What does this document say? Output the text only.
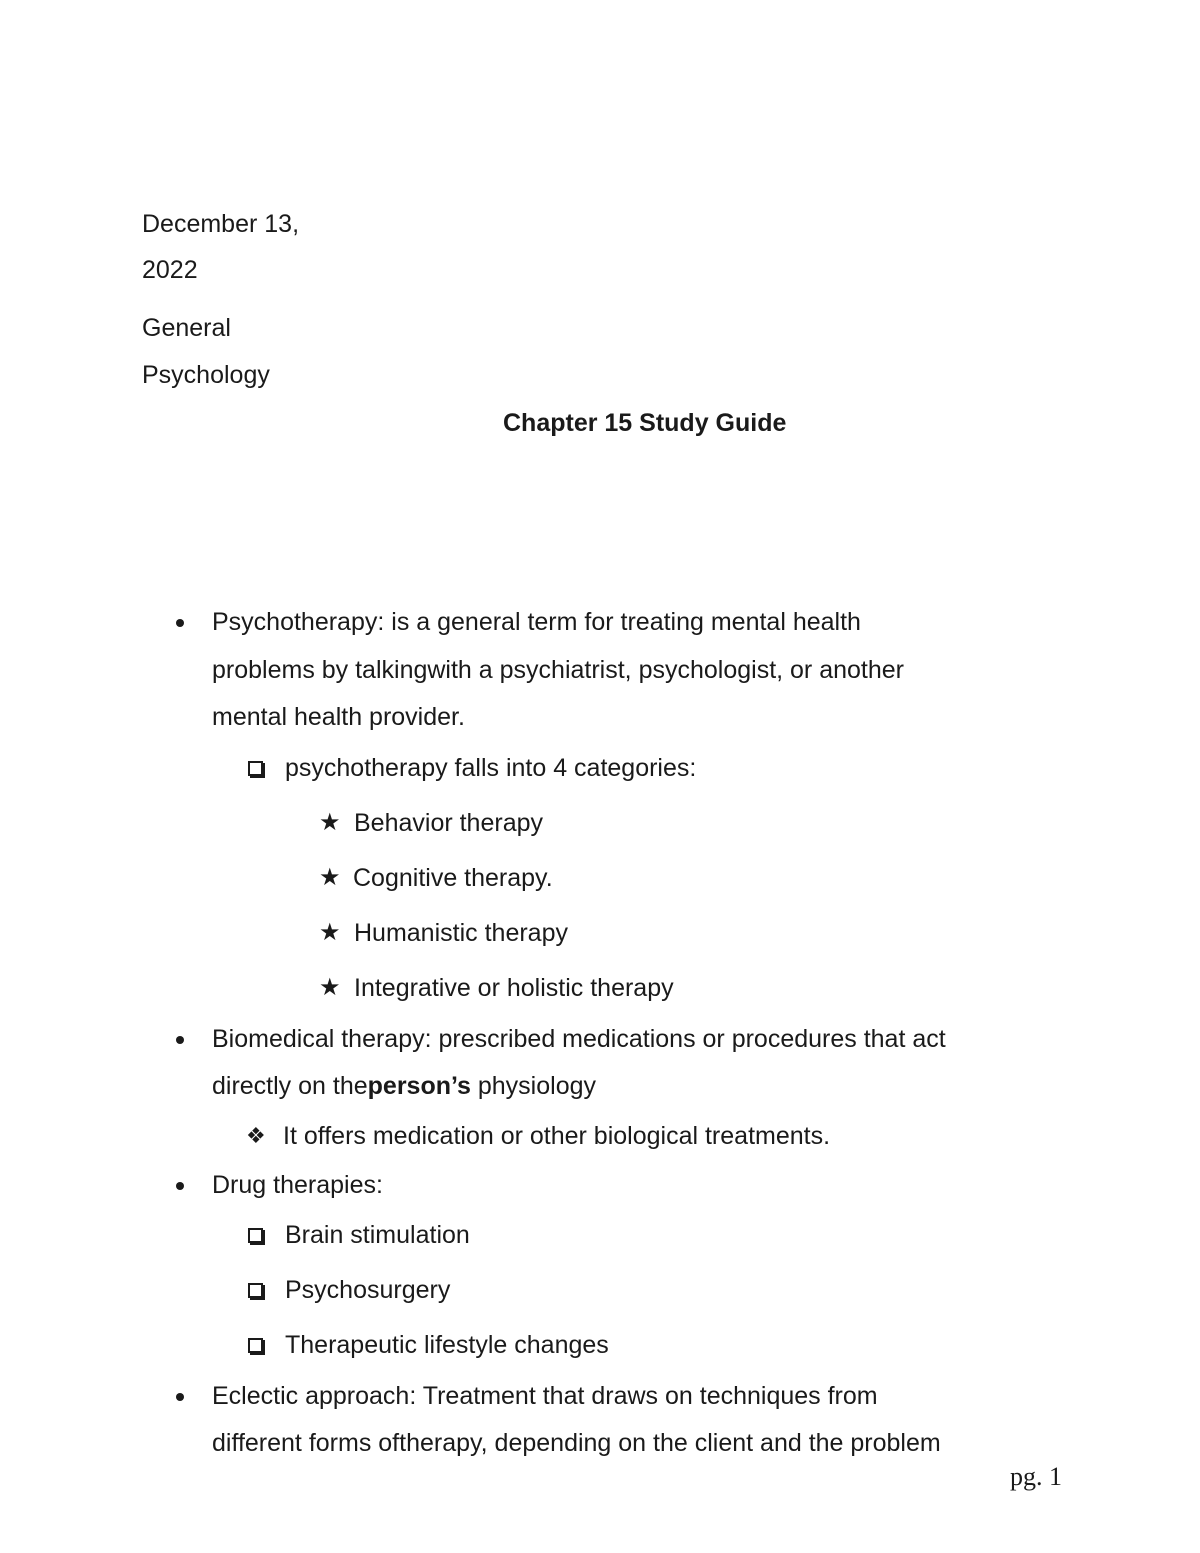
December 13,
2022
General
Psychology
Chapter 15 Study Guide
Psychotherapy: is a general term for treating mental health
problems by talkingwith a psychiatrist, psychologist, or another
mental health provider.
psychotherapy falls into 4 categories:
★ Behavior therapy
★ Cognitive therapy.
★ Humanistic therapy
★ Integrative or holistic therapy
Biomedical therapy: prescribed medications or procedures that act
directly on theperson’s physiology
❖ It offers medication or other biological treatments.
Drug therapies:
Brain stimulation
Psychosurgery
Therapeutic lifestyle changes
Eclectic approach: Treatment that draws on techniques from
different forms oftherapy, depending on the client and the problem
pg. 1
